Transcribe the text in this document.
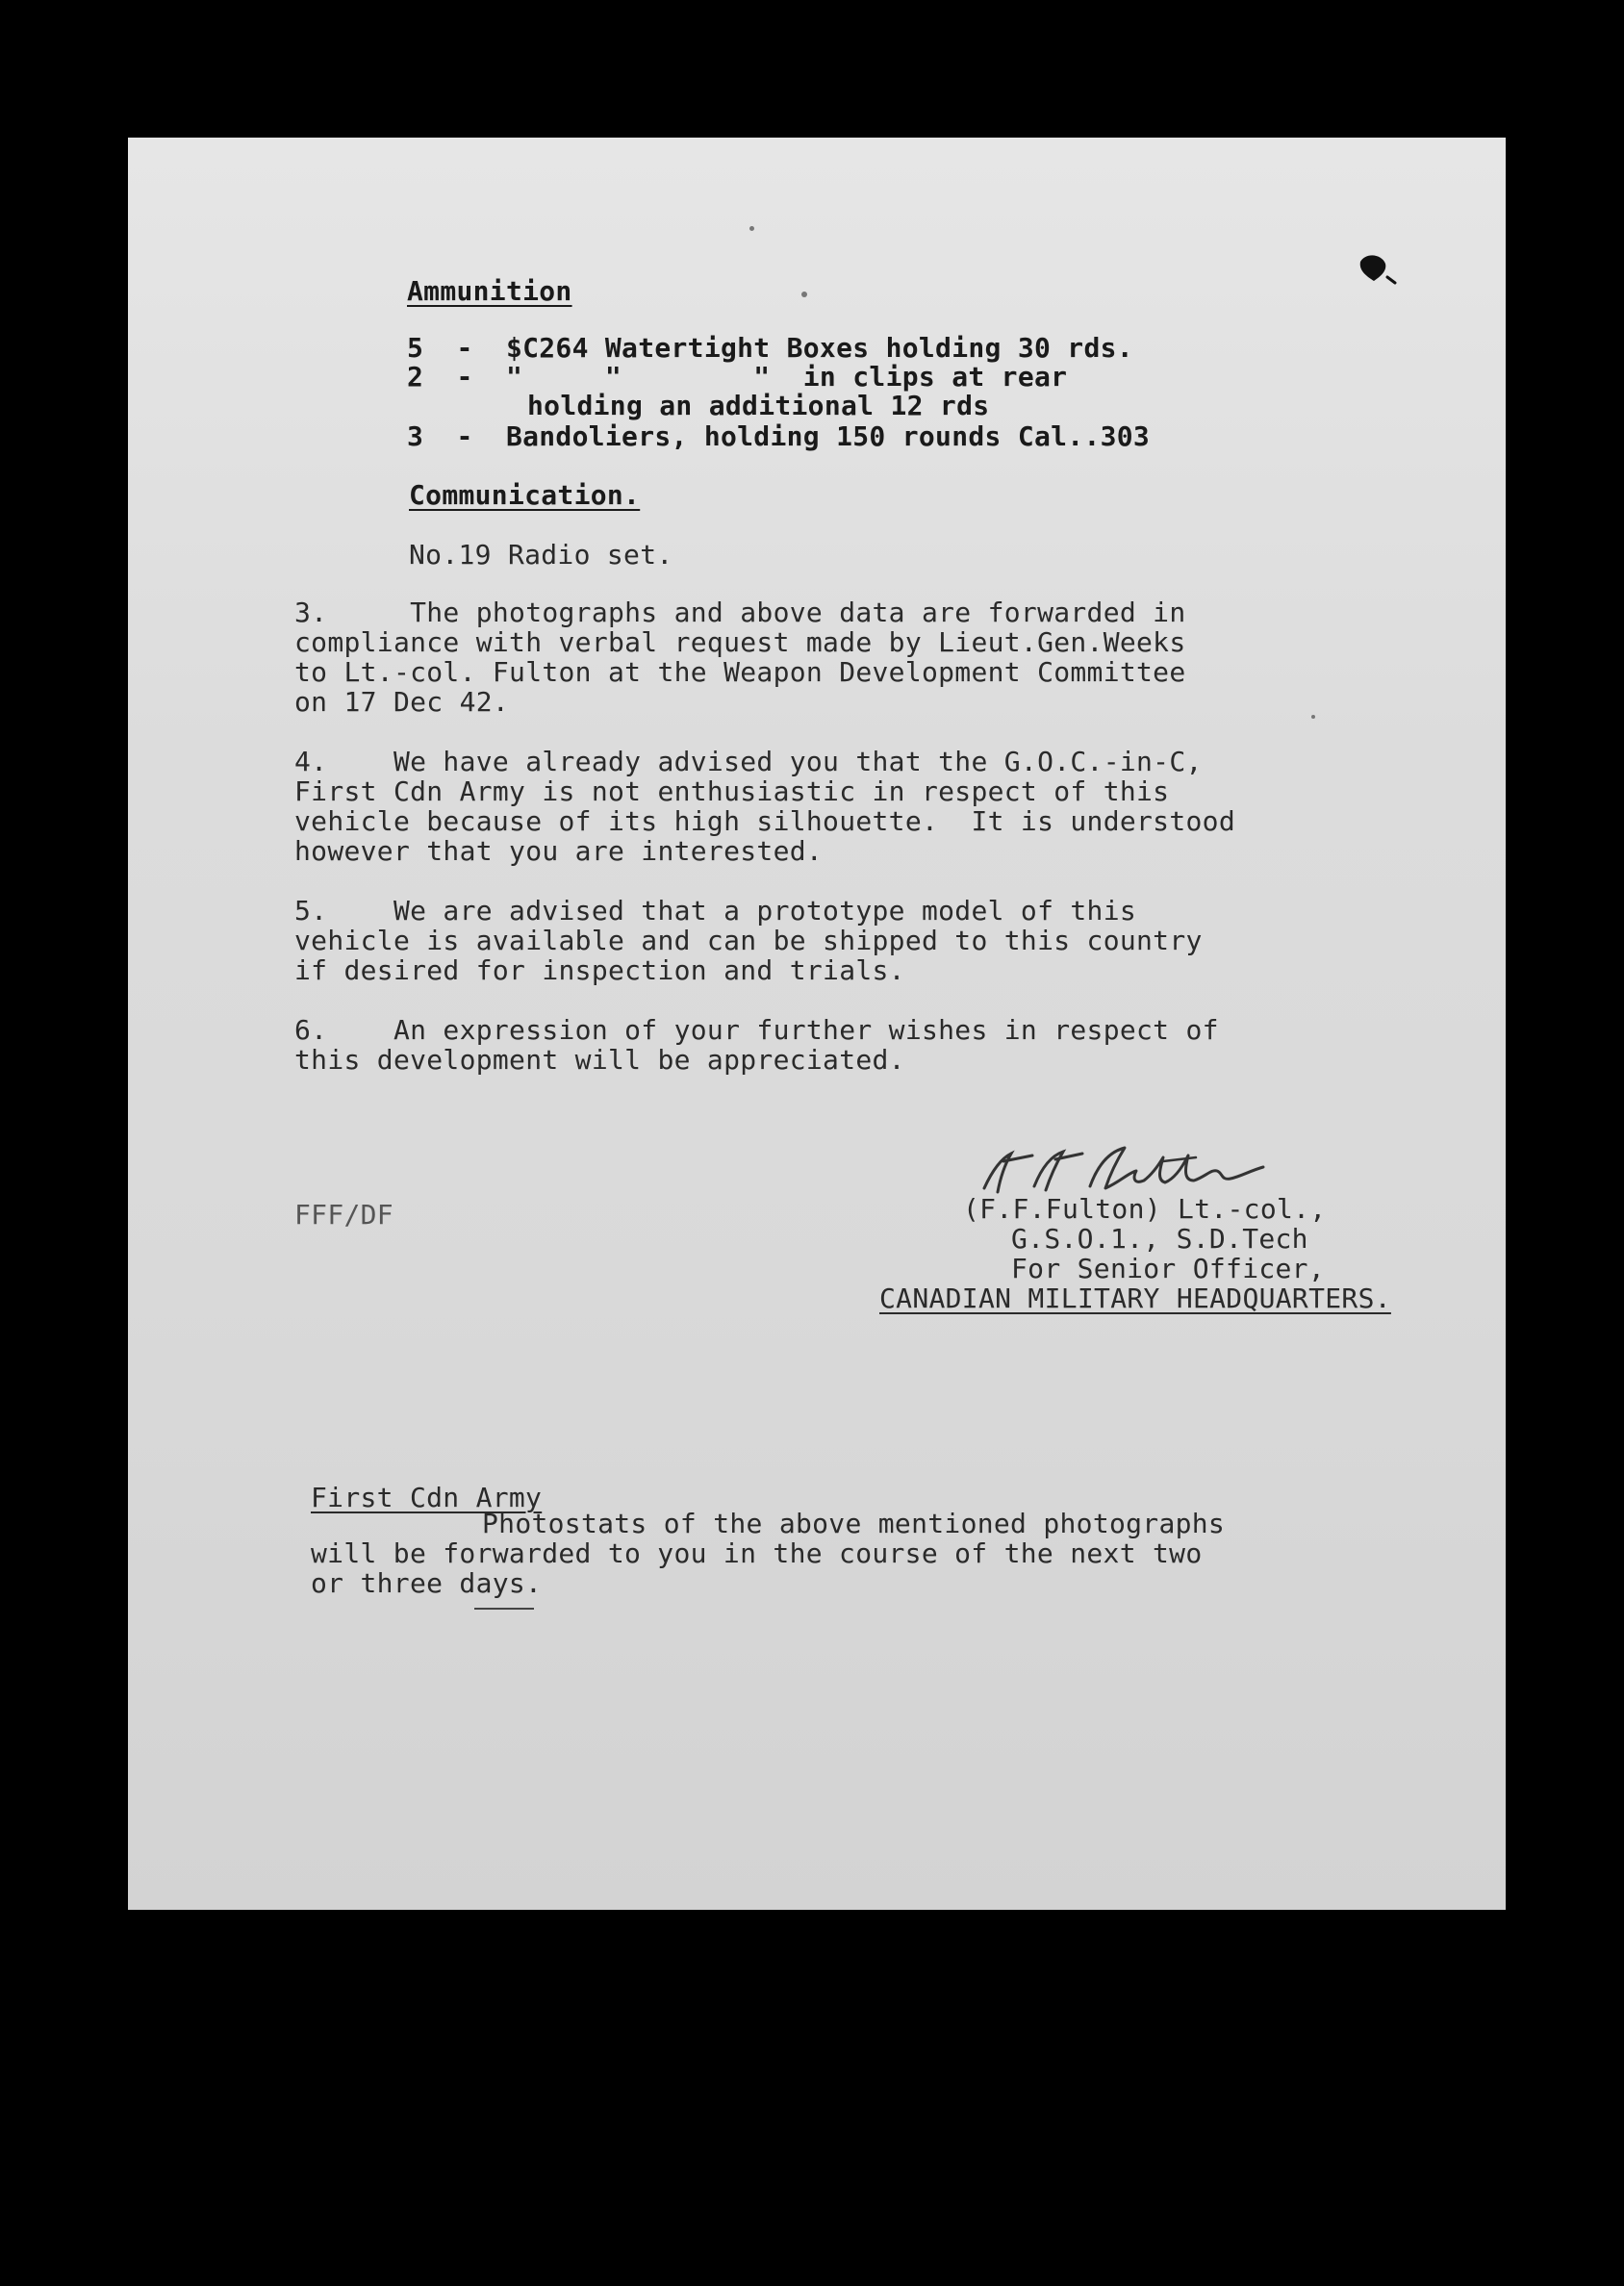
Ammunition
5  -  $C264 Watertight Boxes holding 30 rds.
2  -  "     "        "  in clips at rear
holding an additional 12 rds
3  -  Bandoliers, holding 150 rounds Cal..303
Communication.
No.19 Radio set.
3.     The photographs and above data are forwarded in
compliance with verbal request made by Lieut.Gen.Weeks
to Lt.-col. Fulton at the Weapon Development Committee
on 17 Dec 42.
4.    We have already advised you that the G.O.C.-in-C,
First Cdn Army is not enthusiastic in respect of this
vehicle because of its high silhouette.  It is understood
however that you are interested.
5.    We are advised that a prototype model of this
vehicle is available and can be shipped to this country
if desired for inspection and trials.
6.    An expression of your further wishes in respect of
this development will be appreciated.
FFF/DF	(F.F.Fulton) Lt.-col.,
G.S.O.1., S.D.Tech
For Senior Officer,
CANADIAN MILITARY HEADQUARTERS.
First Cdn Army
Photostats of the above mentioned photographs
will be forwarded to you in the course of the next two
or three days.
